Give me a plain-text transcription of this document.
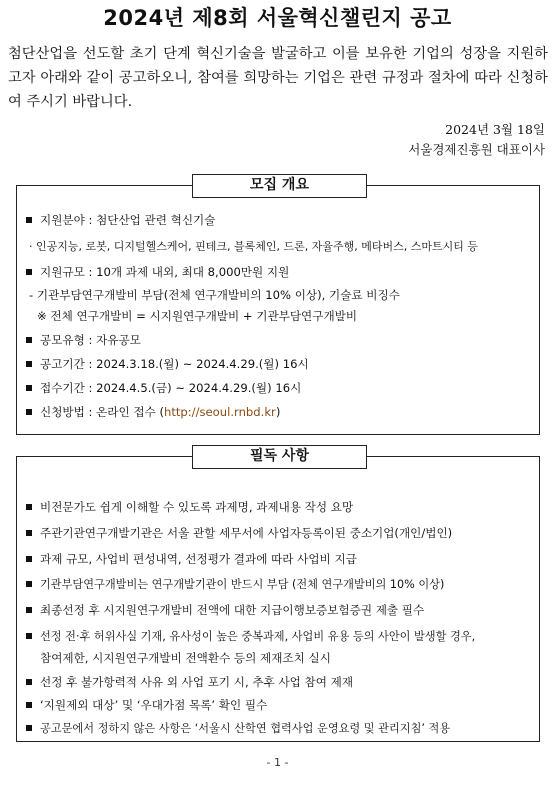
2024년 제8회 서울혁신챌린지 공고
첨단산업을 선도할 초기 단계 혁신기술을 발굴하고 이를 보유한 기업의 성장을 지원하고자 아래와 같이 공고하오니, 참여를 희망하는 기업은 관련 규정과 절차에 따라 신청하여 주시기 바랍니다.
2024년 3월 18일
서울경제진흥원 대표이사
모집 개요
지원분야 : 첨단산업 관련 혁신기술
· 인공지능, 로봇, 디지털헬스케어, 핀테크, 블록체인, 드론, 자율주행, 메타버스, 스마트시티 등
지원규모 : 10개 과제 내외, 최대 8,000만원 지원
- 기관부담연구개발비 부담(전체 연구개발비의 10% 이상), 기술료 비징수
※ 전체 연구개발비 = 시지원연구개발비 + 기관부담연구개발비
공모유형 : 자유공모
공고기간 : 2024.3.18.(월) ~ 2024.4.29.(월) 16시
접수기간 : 2024.4.5.(금) ~ 2024.4.29.(월) 16시
신청방법 : 온라인 접수 (http://seoul.rnbd.kr)
필독 사항
비전문가도 쉽게 이해할 수 있도록 과제명, 과제내용 작성 요망
주관기관연구개발기관은 서울 관할 세무서에 사업자등록이된 중소기업(개인/법인)
과제 규모, 사업비 편성내역, 선정평가 결과에 따라 사업비 지급
기관부담연구개발비는 연구개발기관이 반드시 부담 (전체 연구개발비의 10% 이상)
최종선정 후 시지원연구개발비 전액에 대한 지급이행보증보험증권 제출 필수
선정 전·후 허위사실 기재, 유사성이 높은 중복과제, 사업비 유용 등의 사안이 발생할 경우,
참여제한, 시지원연구개발비 전액환수 등의 제재조치 실시
선정 후 불가항력적 사유 외 사업 포기 시, 추후 사업 참여 제재
‘지원제외 대상’ 및 ‘우대가점 목록’ 확인 필수
공고문에서 정하지 않은 사항은 ‘서울시 산학연 협력사업 운영요령 및 관리지침’ 적용
- 1 -
